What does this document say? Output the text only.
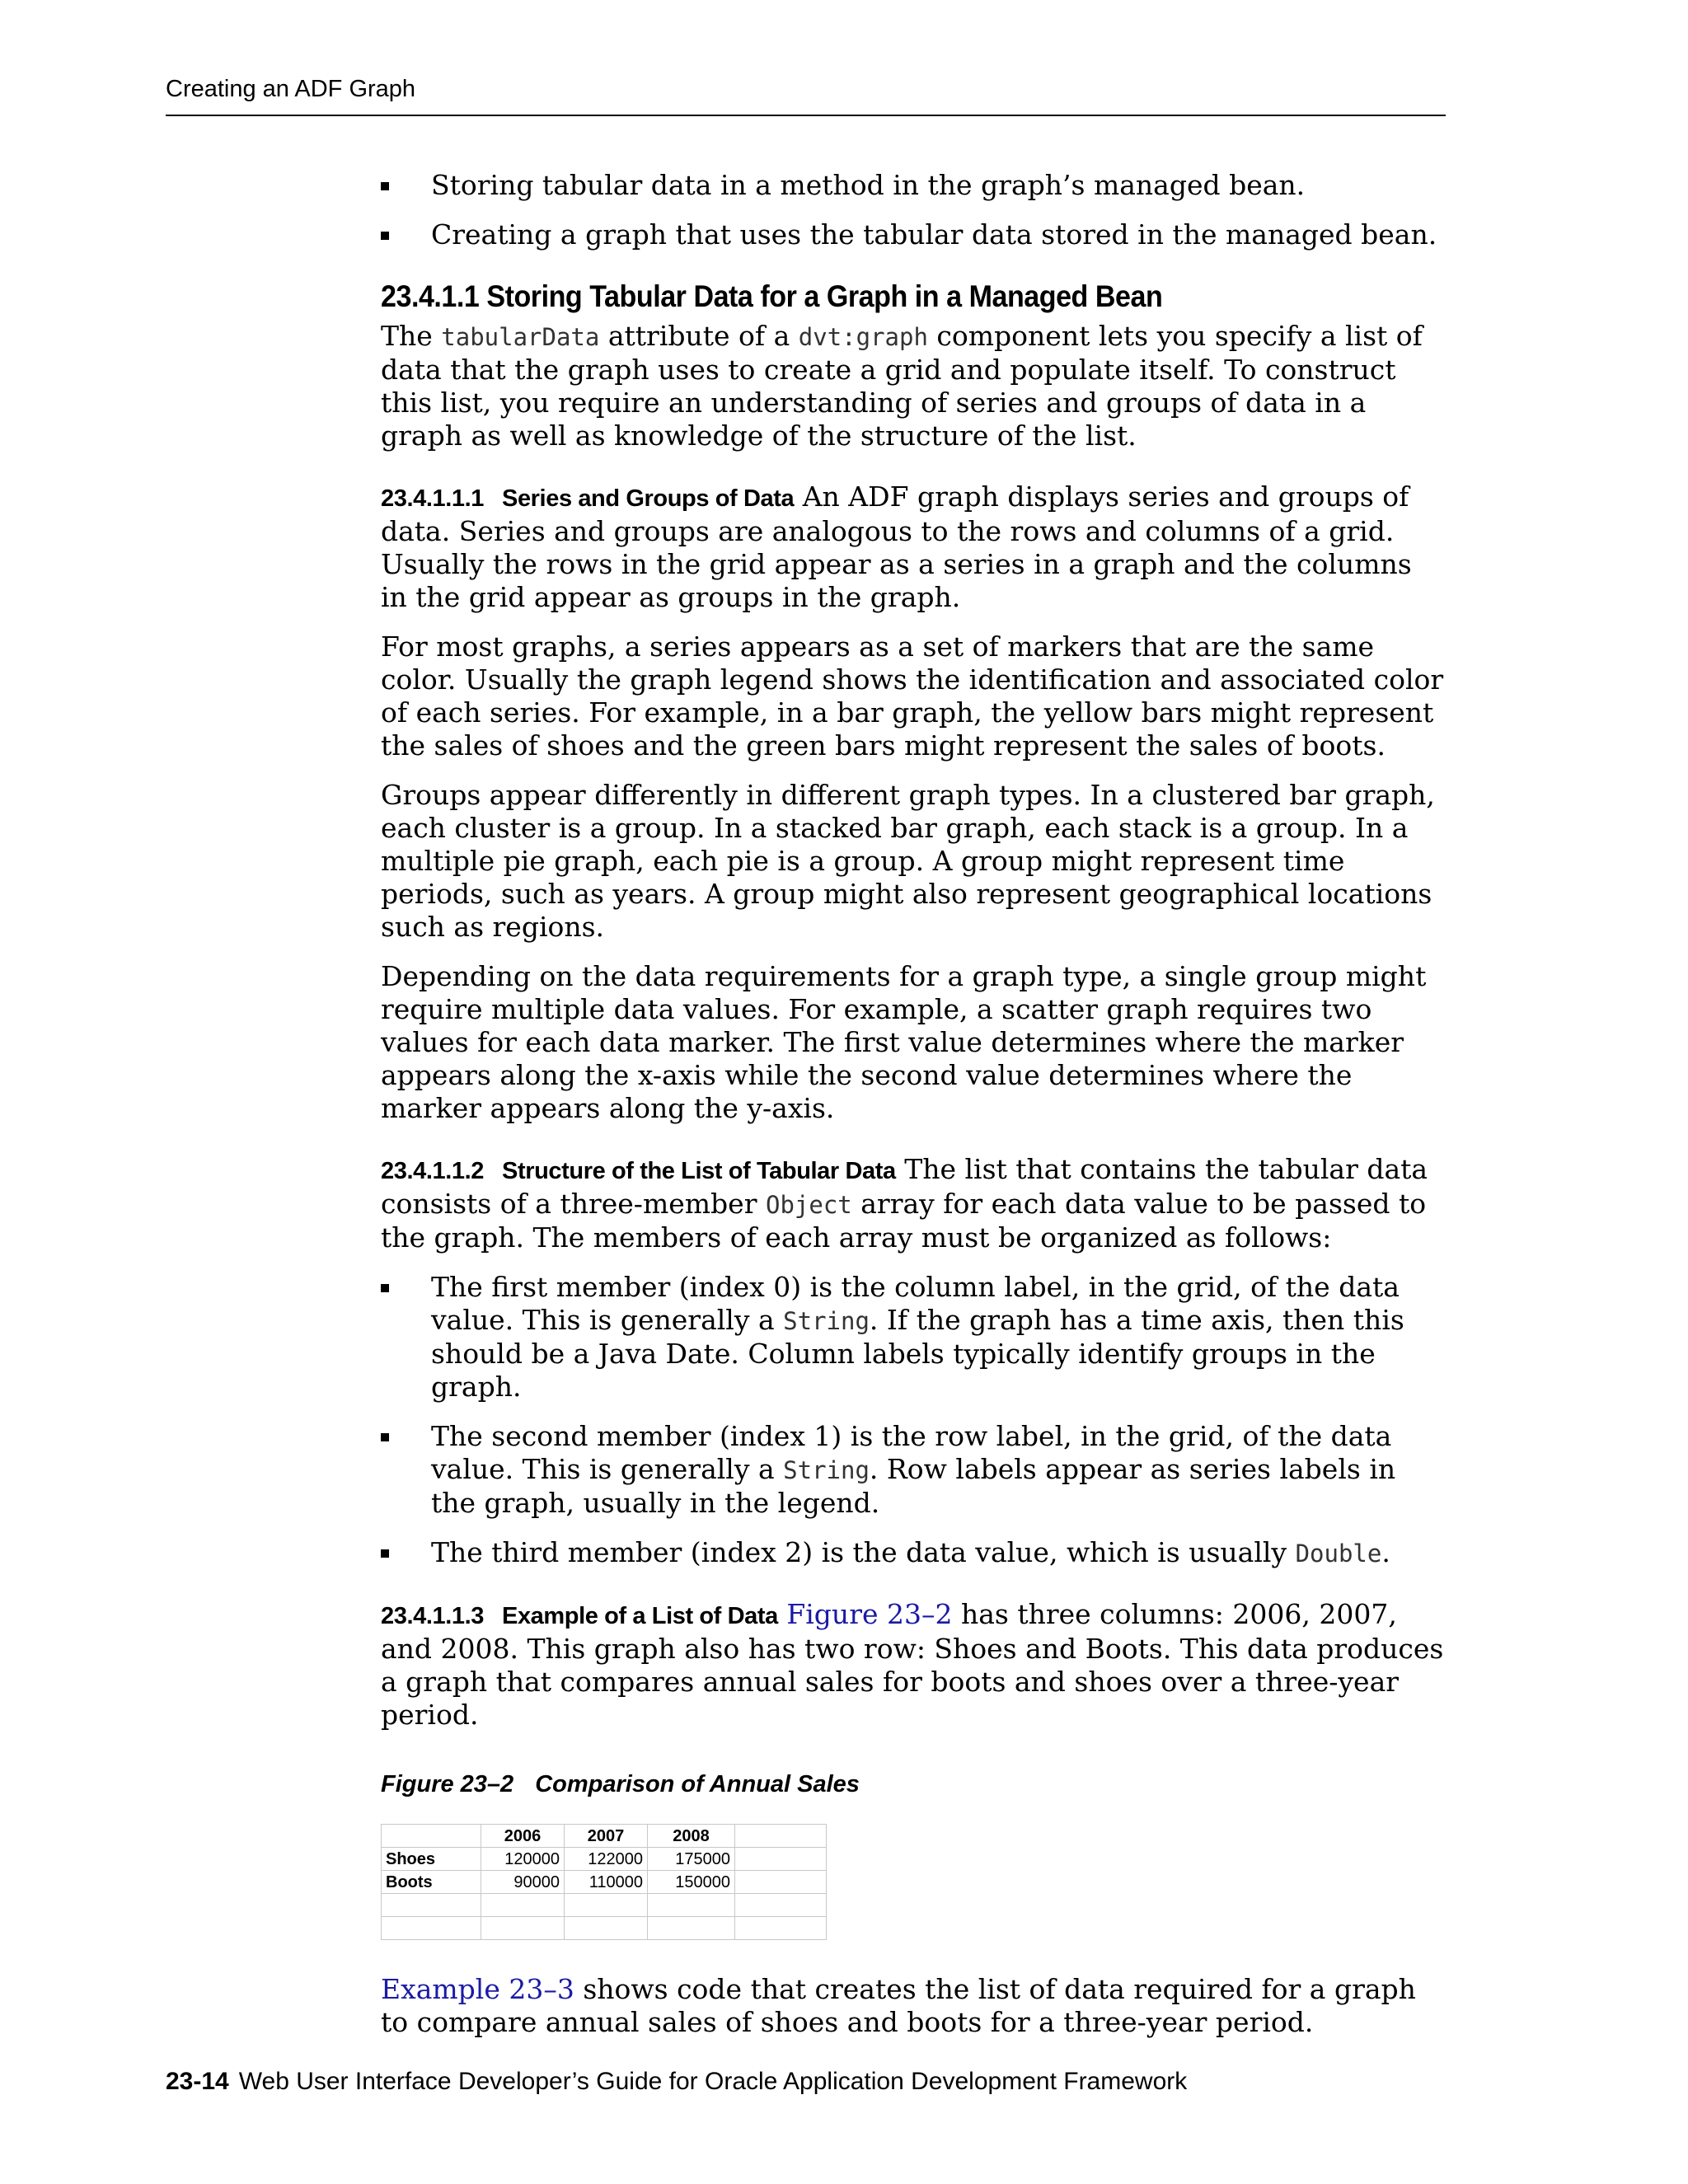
Creating an ADF Graph
Storing tabular data in a method in the graph’s managed bean.
Creating a graph that uses the tabular data stored in the managed bean.
23.4.1.1 Storing Tabular Data for a Graph in a Managed Bean

The tabularData attribute of a dvt:graph component lets you specify a list of data that the graph uses to create a grid and populate itself. To construct this list, you require an understanding of series and groups of data in a graph as well as knowledge of the structure of the list.

23.4.1.1.1 Series and Groups of Data An ADF graph displays series and groups of data. Series and groups are analogous to the rows and columns of a grid. Usually the rows in the grid appear as a series in a graph and the columns in the grid appear as groups in the graph.

For most graphs, a series appears as a set of markers that are the same color. Usually the graph legend shows the identification and associated color of each series. For example, in a bar graph, the yellow bars might represent the sales of shoes and the green bars might represent the sales of boots.

Groups appear differently in different graph types. In a clustered bar graph, each cluster is a group. In a stacked bar graph, each stack is a group. In a multiple pie graph, each pie is a group. A group might represent time periods, such as years. A group might also represent geographical locations such as regions.

Depending on the data requirements for a graph type, a single group might require multiple data values. For example, a scatter graph requires two values for each data marker. The first value determines where the marker appears along the x-axis while the second value determines where the marker appears along the y-axis.

23.4.1.1.2 Structure of the List of Tabular Data The list that contains the tabular data consists of a three-member Object array for each data value to be passed to the graph. The members of each array must be organized as follows:

The first member (index 0) is the column label, in the grid, of the data value. This is generally a String. If the graph has a time axis, then this should be a Java Date. Column labels typically identify groups in the graph.
The second member (index 1) is the row label, in the grid, of the data value. This is generally a String. Row labels appear as series labels in the graph, usually in the legend.
The third member (index 2) is the data value, which is usually Double.

23.4.1.1.3 Example of a List of Data Figure 23–2 has three columns: 2006, 2007, and 2008. This graph also has two row: Shoes and Boots. This data produces a graph that compares annual sales for boots and shoes over a three-year period.

Figure 23–2 Comparison of Annual Sales
	2006	2007	2008	
Shoes	120000	122000	175000	
Boots	90000	110000	150000	

Example 23–3 shows code that creates the list of data required for a graph to compare annual sales of shoes and boots for a three-year period.

23-14 Web User Interface Developer’s Guide for Oracle Application Development Framework
